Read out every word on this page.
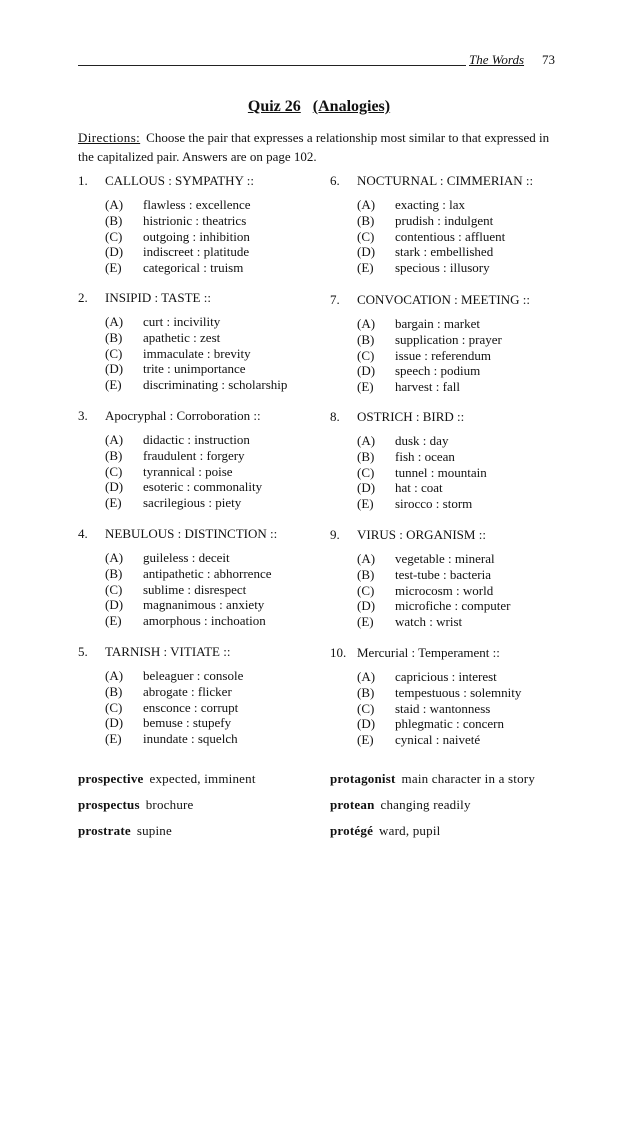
The Words 73
Quiz 26 (Analogies)
Directions: Choose the pair that expresses a relationship most similar to that expressed in the capitalized pair. Answers are on page 102.
1. CALLOUS : SYMPATHY ::
(A) flawless : excellence
(B) histrionic : theatrics
(C) outgoing : inhibition
(D) indiscreet : platitude
(E) categorical : truism
2. INSIPID : TASTE ::
(A) curt : incivility
(B) apathetic : zest
(C) immaculate : brevity
(D) trite : unimportance
(E) discriminating : scholarship
3. Apocryphal : Corroboration ::
(A) didactic : instruction
(B) fraudulent : forgery
(C) tyrannical : poise
(D) esoteric : commonality
(E) sacrilegious : piety
4. NEBULOUS : DISTINCTION ::
(A) guileless : deceit
(B) antipathetic : abhorrence
(C) sublime : disrespect
(D) magnanimous : anxiety
(E) amorphous : inchoation
5. TARNISH : VITIATE ::
(A) beleaguer : console
(B) abrogate : flicker
(C) ensconce : corrupt
(D) bemuse : stupefy
(E) inundate : squelch
6. NOCTURNAL : CIMMERIAN ::
(A) exacting : lax
(B) prudish : indulgent
(C) contentious : affluent
(D) stark : embellished
(E) specious : illusory
7. CONVOCATION : MEETING ::
(A) bargain : market
(B) supplication : prayer
(C) issue : referendum
(D) speech : podium
(E) harvest : fall
8. OSTRICH : BIRD ::
(A) dusk : day
(B) fish : ocean
(C) tunnel : mountain
(D) hat : coat
(E) sirocco : storm
9. VIRUS : ORGANISM ::
(A) vegetable : mineral
(B) test-tube : bacteria
(C) microcosm : world
(D) microfiche : computer
(E) watch : wrist
10. Mercurial : Temperament ::
(A) capricious : interest
(B) tempestuous : solemnity
(C) staid : wantonness
(D) phlegmatic : concern
(E) cynical : naiveté
prospective expected, imminent
prospectus brochure
prostrate supine
protagonist main character in a story
protean changing readily
protégé ward, pupil
